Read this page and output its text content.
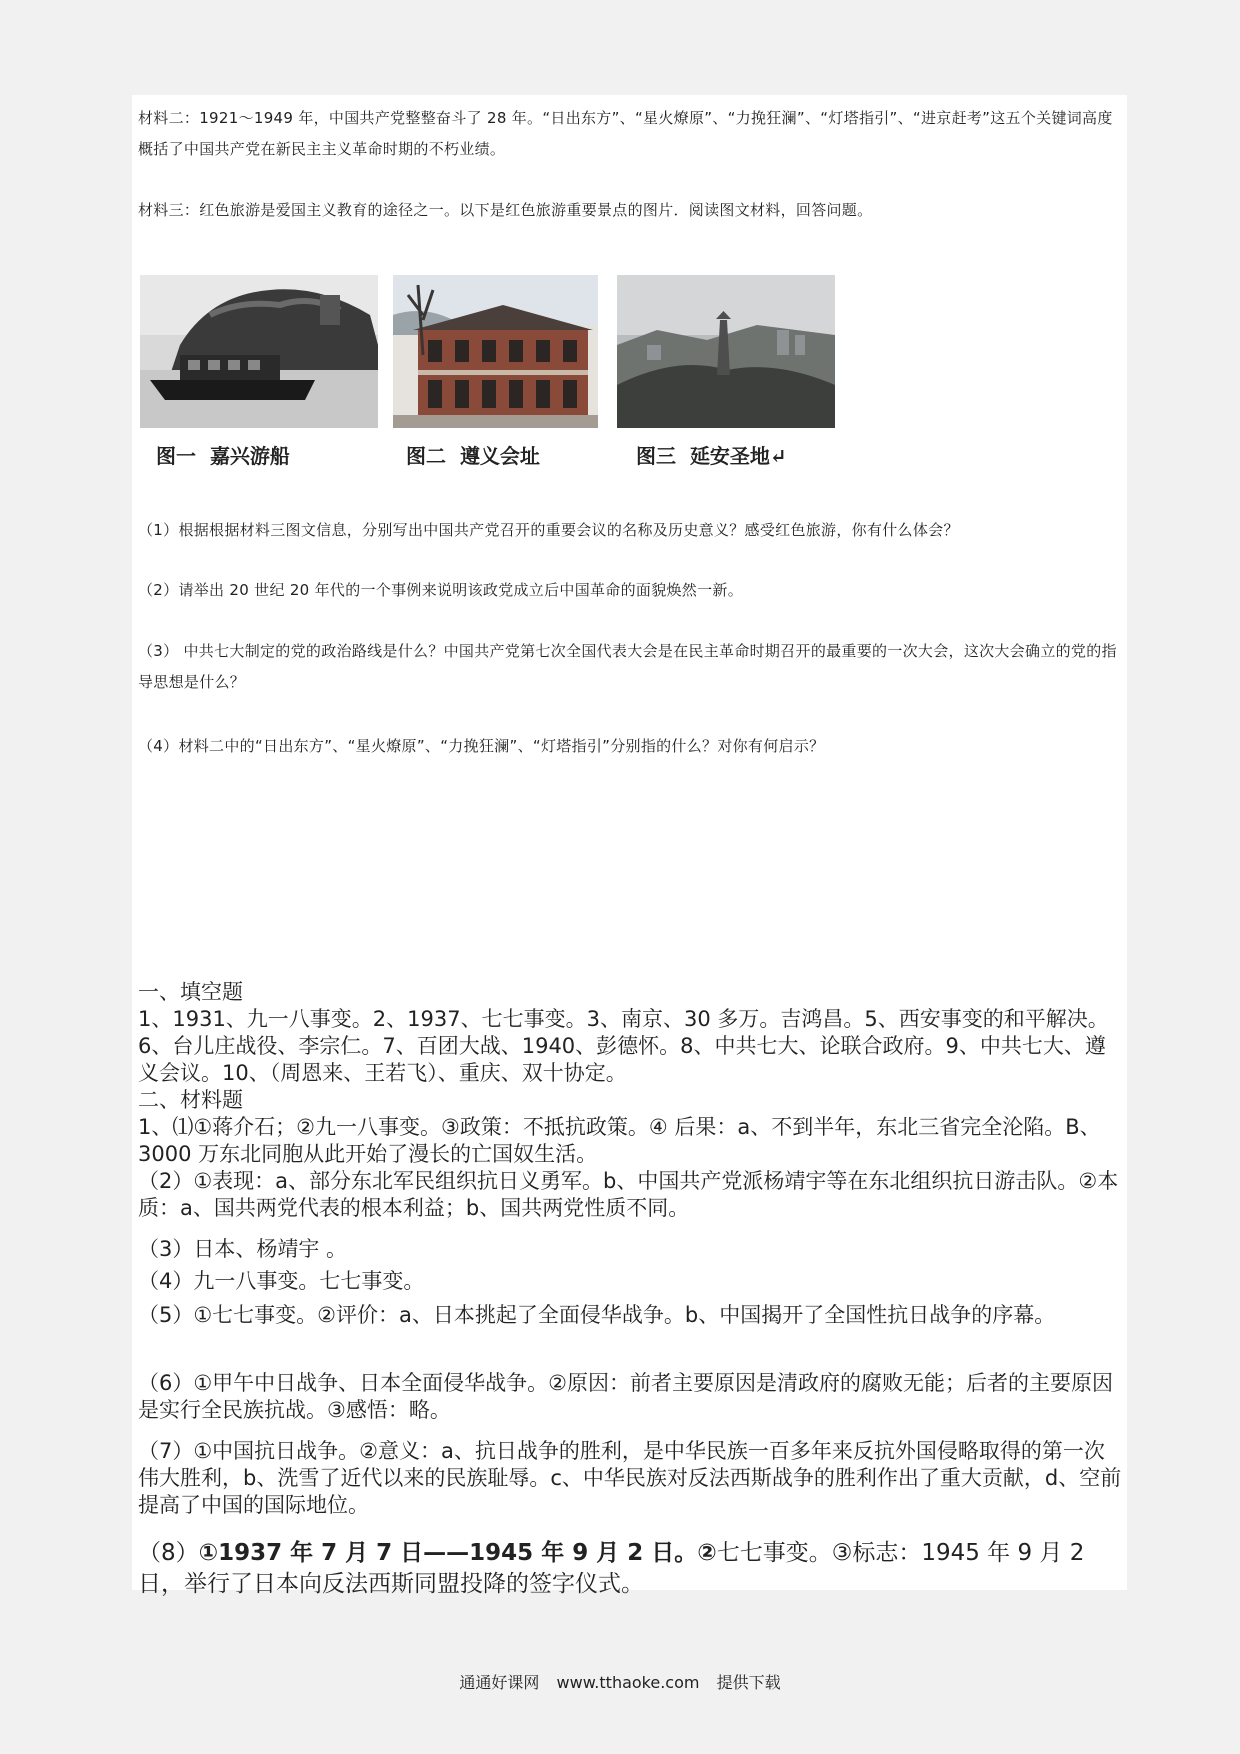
材料二：1921～1949 年，中国共产党整整奋斗了 28 年。“日出东方”、“星火燎原”、“力挽狂澜”、“灯塔指引”、“进京赶考”这五个关键词高度概括了中国共产党在新民主主义革命时期的不朽业绩。

材料三：红色旅游是爱国主义教育的途径之一。以下是红色旅游重要景点的图片．阅读图文材料，回答问题。

图一 嘉兴游船	图二 遵义会址	图三 延安圣地↵

（1）根据根据材料三图文信息，分别写出中国共产党召开的重要会议的名称及历史意义？感受红色旅游，你有什么体会？

（2）请举出 20 世纪 20 年代的一个事例来说明该政党成立后中国革命的面貌焕然一新。

（3） 中共七大制定的党的政治路线是什么？中国共产党第七次全国代表大会是在民主革命时期召开的最重要的一次大会，这次大会确立的党的指导思想是什么？

（4）材料二中的“日出东方”、“星火燎原”、“力挽狂澜”、“灯塔指引”分别指的什么？对你有何启示？

一、填空题

1、1931、九一八事变。2、1937、七七事变。3、南京、30 多万。吉鸿昌。5、西安事变的和平解决。6、台儿庄战役、李宗仁。7、百团大战、1940、彭德怀。8、中共七大、论联合政府。9、中共七大、遵义会议。10、（周恩来、王若飞）、重庆、双十协定。

二、材料题

1、⑴①蒋介石；②九一八事变。③政策：不抵抗政策。④ 后果：a、不到半年，东北三省完全沦陷。B、3000 万东北同胞从此开始了漫长的亡国奴生活。

（2）①表现：a、部分东北军民组织抗日义勇军。b、中国共产党派杨靖宇等在东北组织抗日游击队。②本质：a、国共两党代表的根本利益；b、国共两党性质不同。

（3）日本、杨靖宇 。

（4）九一八事变。七七事变。

（5）①七七事变。②评价：a、日本挑起了全面侵华战争。b、中国揭开了全国性抗日战争的序幕。

（6）①甲午中日战争、日本全面侵华战争。②原因：前者主要原因是清政府的腐败无能；后者的主要原因是实行全民族抗战。③感悟：略。

（7）①中国抗日战争。②意义：a、抗日战争的胜利，是中华民族一百多年来反抗外国侵略取得的第一次伟大胜利，b、洗雪了近代以来的民族耻辱。c、中华民族对反法西斯战争的胜利作出了重大贡献，d、空前提高了中国的国际地位。

（8）①1937 年 7 月 7 日——1945 年 9 月 2 日。②七七事变。③标志：1945 年 9 月 2 日，举行了日本向反法西斯同盟投降的签字仪式。

通通好课网 www.tthaoke.com 提供下载
